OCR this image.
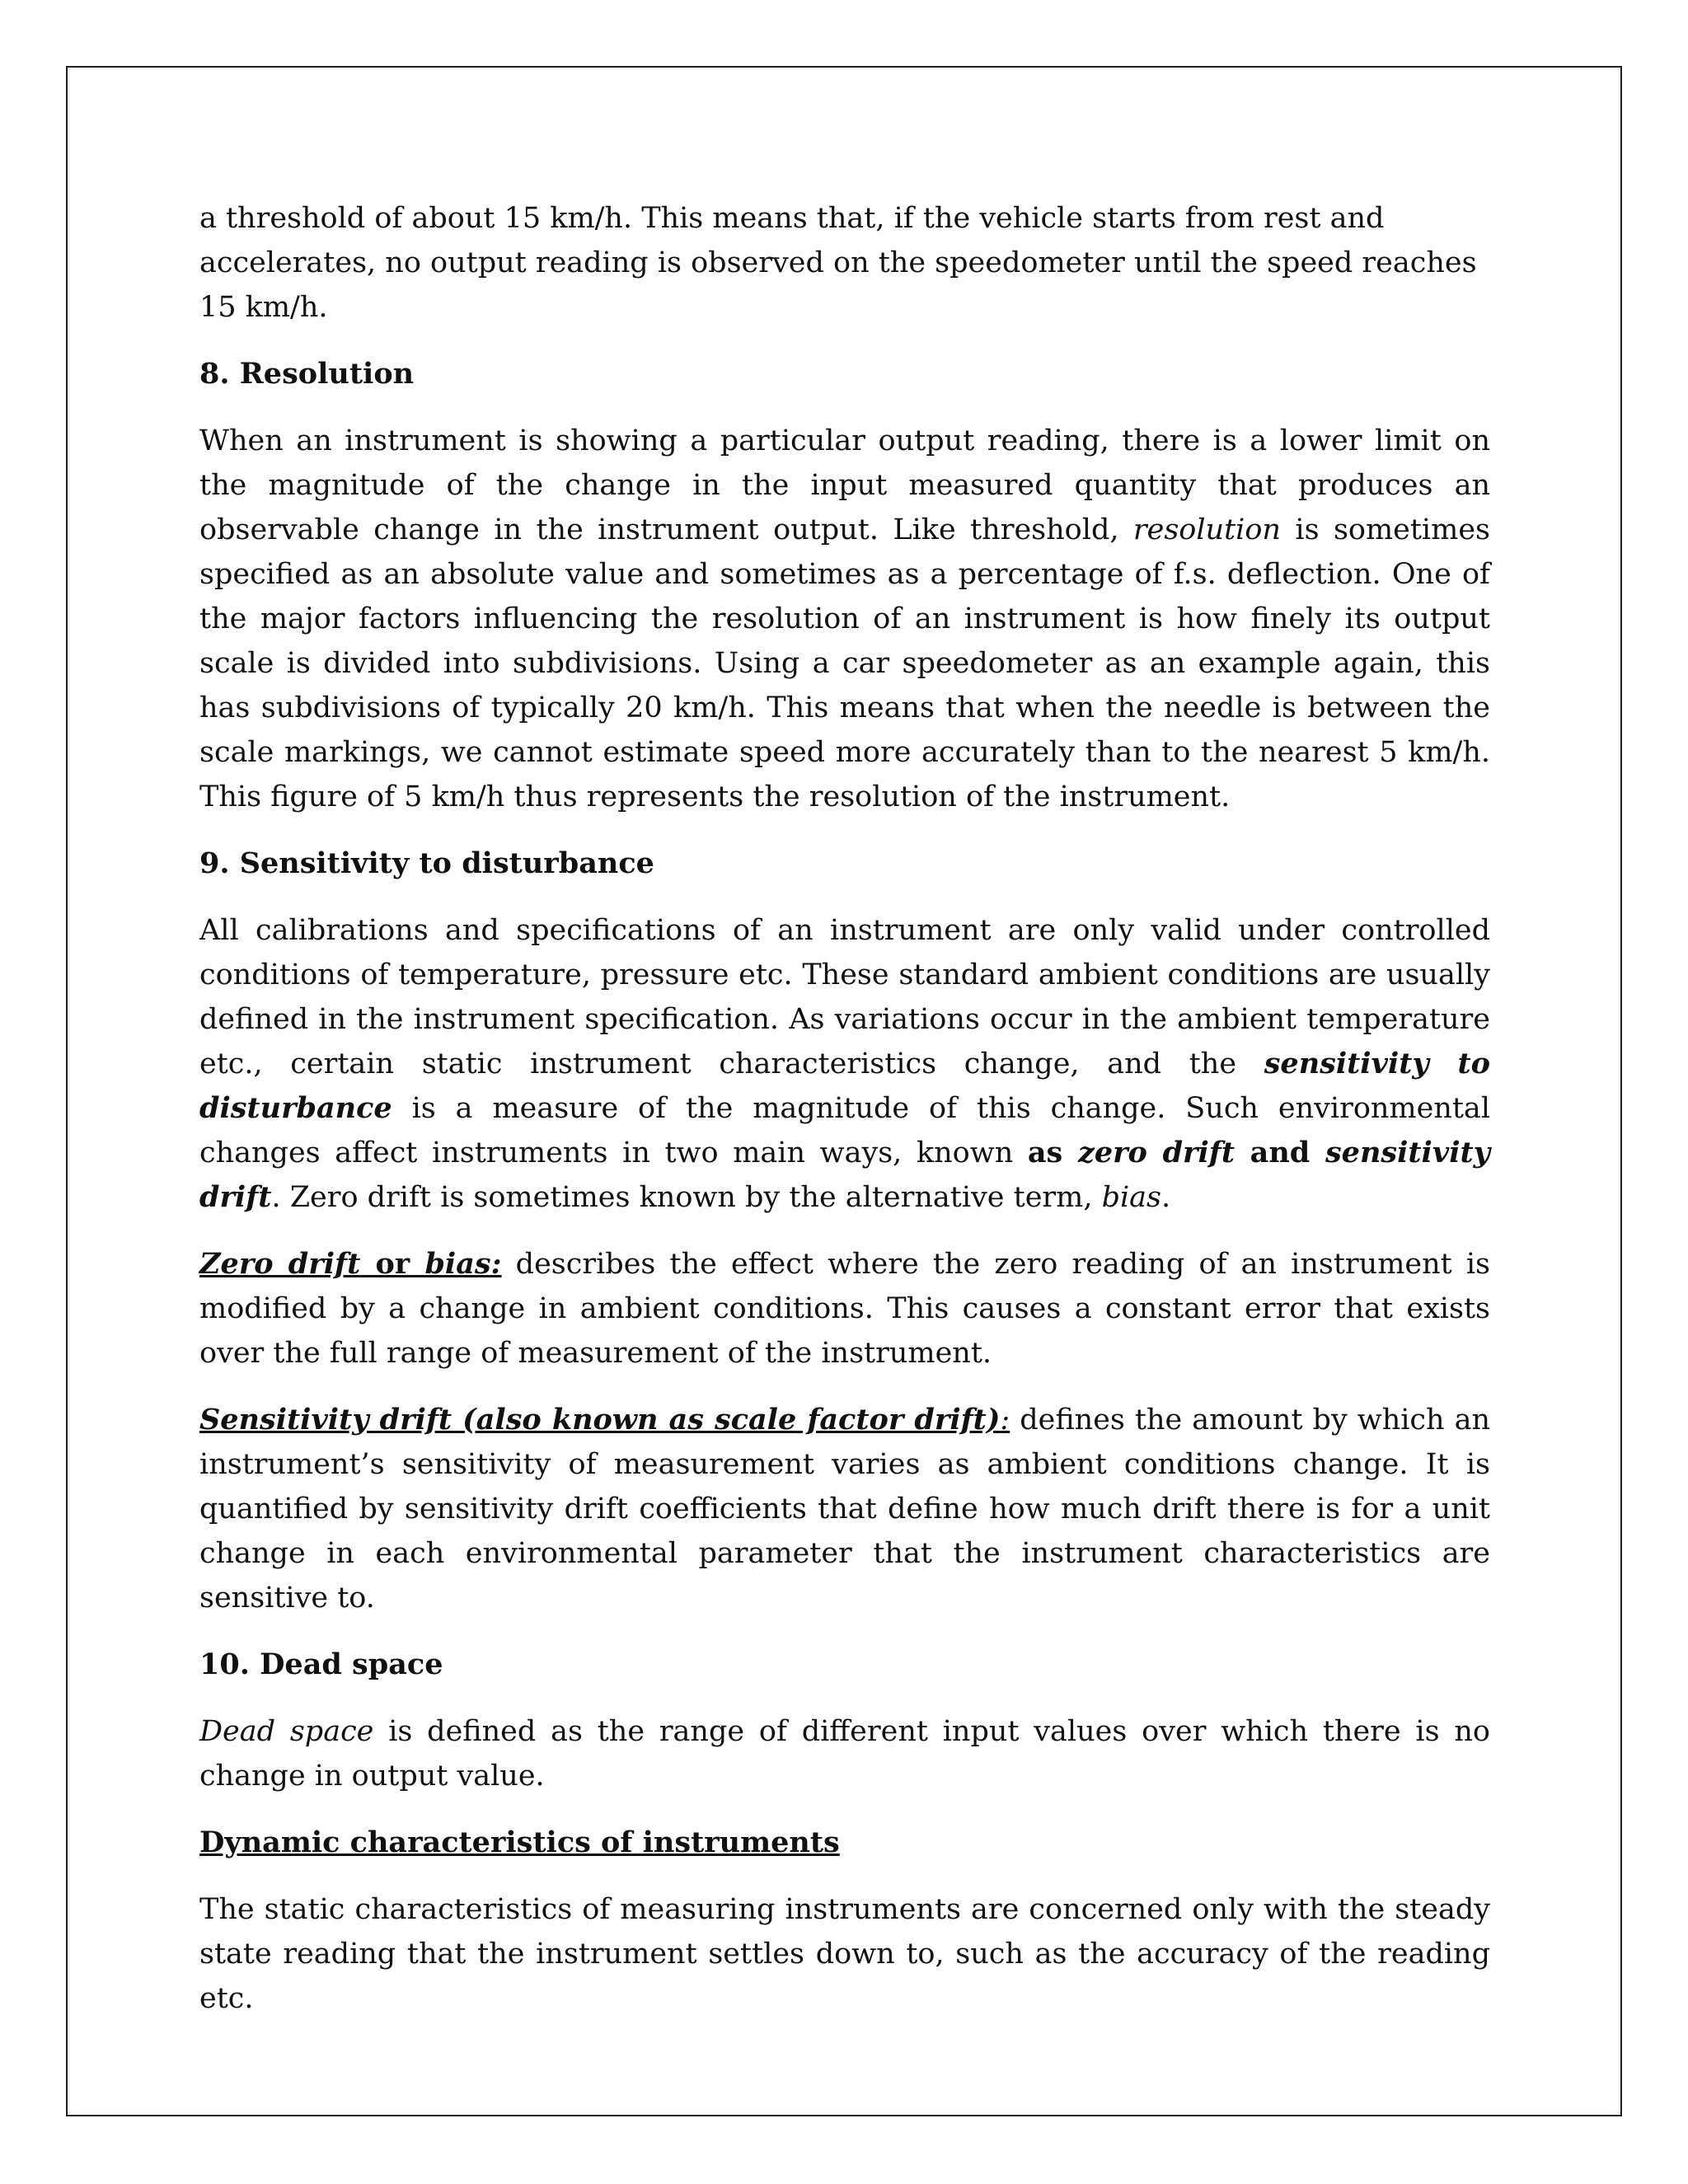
a threshold of about 15 km/h. This means that, if the vehicle starts from rest and accelerates, no output reading is observed on the speedometer until the speed reaches 15 km/h.

8. Resolution

When an instrument is showing a particular output reading, there is a lower limit on the magnitude of the change in the input measured quantity that produces an observable change in the instrument output. Like threshold, resolution is sometimes specified as an absolute value and sometimes as a percentage of f.s. deflection. One of the major factors influencing the resolution of an instrument is how finely its output scale is divided into subdivisions. Using a car speedometer as an example again, this has subdivisions of typically 20 km/h. This means that when the needle is between the scale markings, we cannot estimate speed more accurately than to the nearest 5 km/h. This figure of 5 km/h thus represents the resolution of the instrument.

9. Sensitivity to disturbance

All calibrations and specifications of an instrument are only valid under controlled conditions of temperature, pressure etc. These standard ambient conditions are usually defined in the instrument specification. As variations occur in the ambient temperature etc., certain static instrument characteristics change, and the sensitivity to disturbance is a measure of the magnitude of this change. Such environmental changes affect instruments in two main ways, known as zero drift and sensitivity drift. Zero drift is sometimes known by the alternative term, bias.

Zero drift or bias: describes the effect where the zero reading of an instrument is modified by a change in ambient conditions. This causes a constant error that exists over the full range of measurement of the instrument.

Sensitivity drift (also known as scale factor drift): defines the amount by which an instrument’s sensitivity of measurement varies as ambient conditions change. It is quantified by sensitivity drift coefficients that define how much drift there is for a unit change in each environmental parameter that the instrument characteristics are sensitive to.

10. Dead space

Dead space is defined as the range of different input values over which there is no change in output value.

Dynamic characteristics of instruments

The static characteristics of measuring instruments are concerned only with the steady state reading that the instrument settles down to, such as the accuracy of the reading etc.
